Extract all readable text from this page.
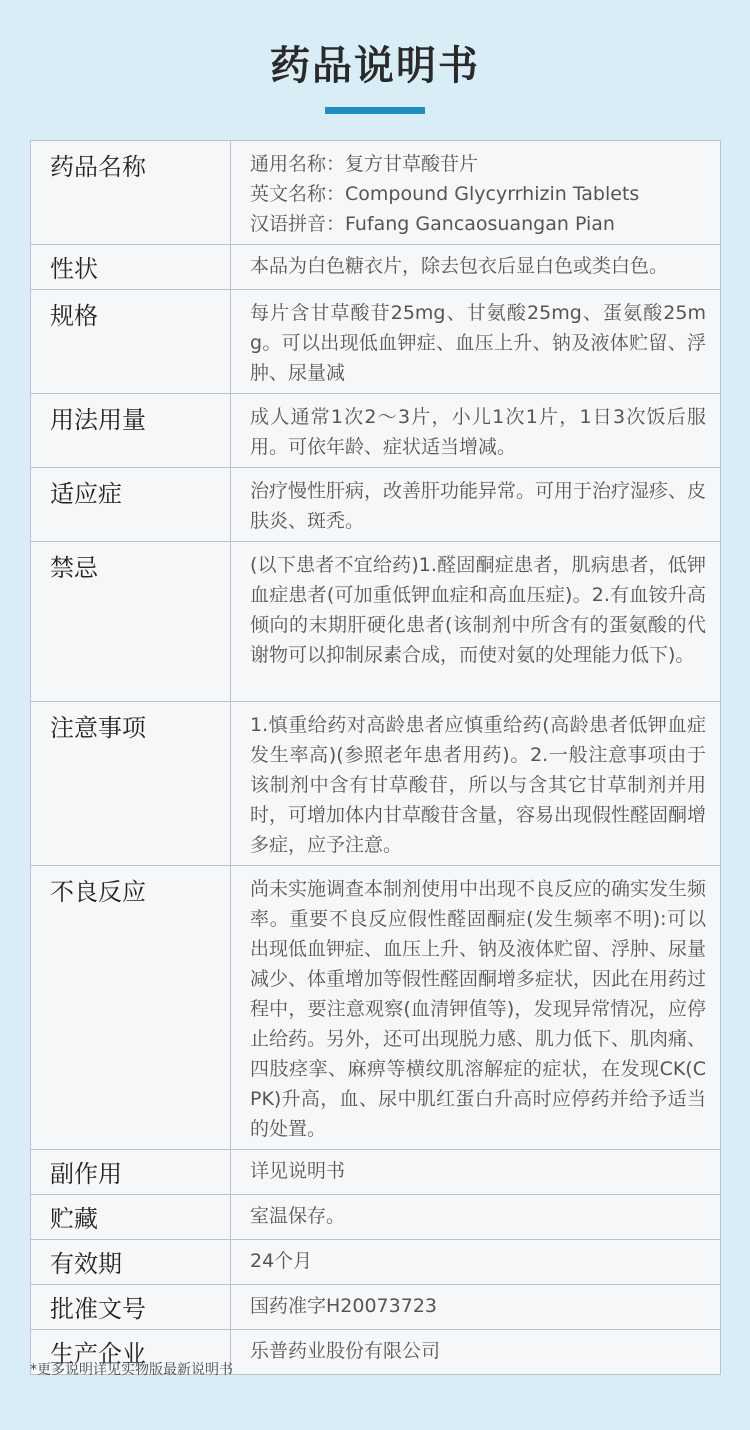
药品说明书
药品名称	通用名称：复方甘草酸苷片
英文名称：Compound Glycyrrhizin Tablets
汉语拼音：Fufang Gancaosuangan Pian

性状	本品为白色糖衣片，除去包衣后显白色或类白色。
规格	每片含甘草酸苷25mg、甘氨酸25mg、蛋氨酸25mg。可以出现低血钾症、血压上升、钠及液体贮留、浮肿、尿量减
用法用量	成人通常1次2～3片，小儿1次1片，1日3次饭后服用。可依年龄、症状适当增减。
适应症	治疗慢性肝病，改善肝功能异常。可用于治疗湿疹、皮肤炎、斑秃。
禁忌	(以下患者不宜给药)1.醛固酮症患者，肌病患者，低钾血症患者(可加重低钾血症和高血压症)。2.有血铵升高倾向的末期肝硬化患者(该制剂中所含有的蛋氨酸的代谢物可以抑制尿素合成，而使对氨的处理能力低下)。
注意事项	1.慎重给药对高龄患者应慎重给药(高龄患者低钾血症发生率高)(参照老年患者用药)。2.一般注意事项由于该制剂中含有甘草酸苷，所以与含其它甘草制剂并用时，可增加体内甘草酸苷含量，容易出现假性醛固酮增多症，应予注意。
不良反应	尚未实施调查本制剂使用中出现不良反应的确实发生频率。重要不良反应假性醛固酮症(发生频率不明):可以出现低血钾症、血压上升、钠及液体贮留、浮肿、尿量减少、体重增加等假性醛固酮增多症状，因此在用药过程中，要注意观察(血清钾值等)，发现异常情况，应停止给药。另外，还可出现脱力感、肌力低下、肌肉痛、四肢痉挛、麻痹等横纹肌溶解症的症状，在发现CK(CPK)升高，血、尿中肌红蛋白升高时应停药并给予适当的处置。
副作用	详见说明书
贮藏	室温保存。
有效期	24个月
批准文号	国药准字H20073723
生产企业	乐普药业股份有限公司
*更多说明详见实物版最新说明书
